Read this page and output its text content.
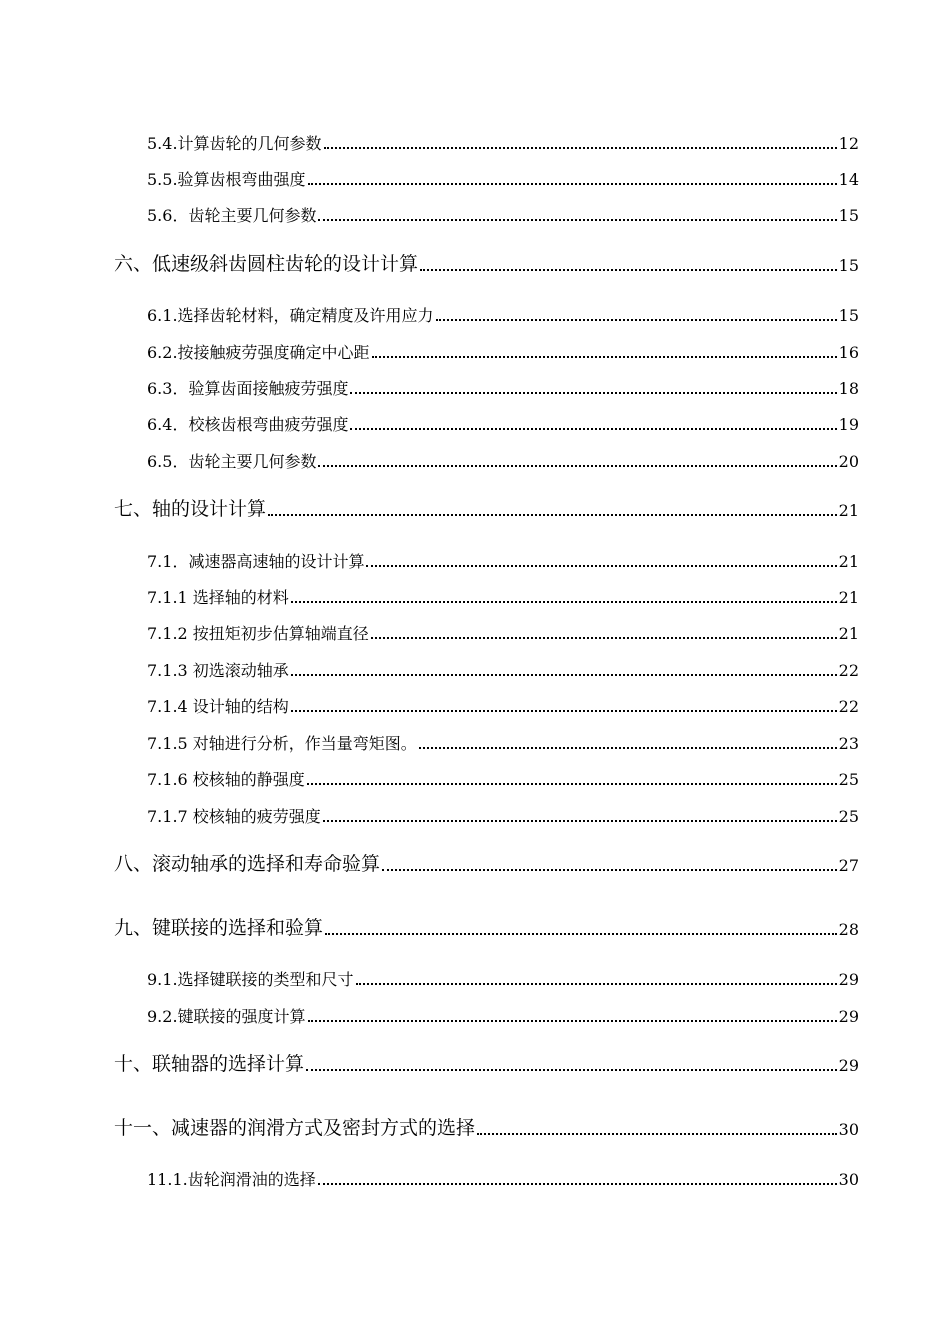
5.4.计算齿轮的几何参数	12
5.5.验算齿根弯曲强度	14
5.6．齿轮主要几何参数	15
六、低速级斜齿圆柱齿轮的设计计算	15
6.1.选择齿轮材料，确定精度及许用应力	15
6.2.按接触疲劳强度确定中心距	16
6.3．验算齿面接触疲劳强度	18
6.4．校核齿根弯曲疲劳强度	19
6.5．齿轮主要几何参数	20
七、轴的设计计算	21
7.1．减速器高速轴的设计计算	21
7.1.1 选择轴的材料	21
7.1.2 按扭矩初步估算轴端直径	21
7.1.3 初选滚动轴承	22
7.1.4 设计轴的结构	22
7.1.5 对轴进行分析，作当量弯矩图。	23
7.1.6 校核轴的静强度	25
7.1.7 校核轴的疲劳强度	25
八、滚动轴承的选择和寿命验算	27
九、键联接的选择和验算	28
9.1.选择键联接的类型和尺寸	29
9.2.键联接的强度计算	29
十、联轴器的选择计算	29
十一、减速器的润滑方式及密封方式的选择	30
11.1.齿轮润滑油的选择	30
